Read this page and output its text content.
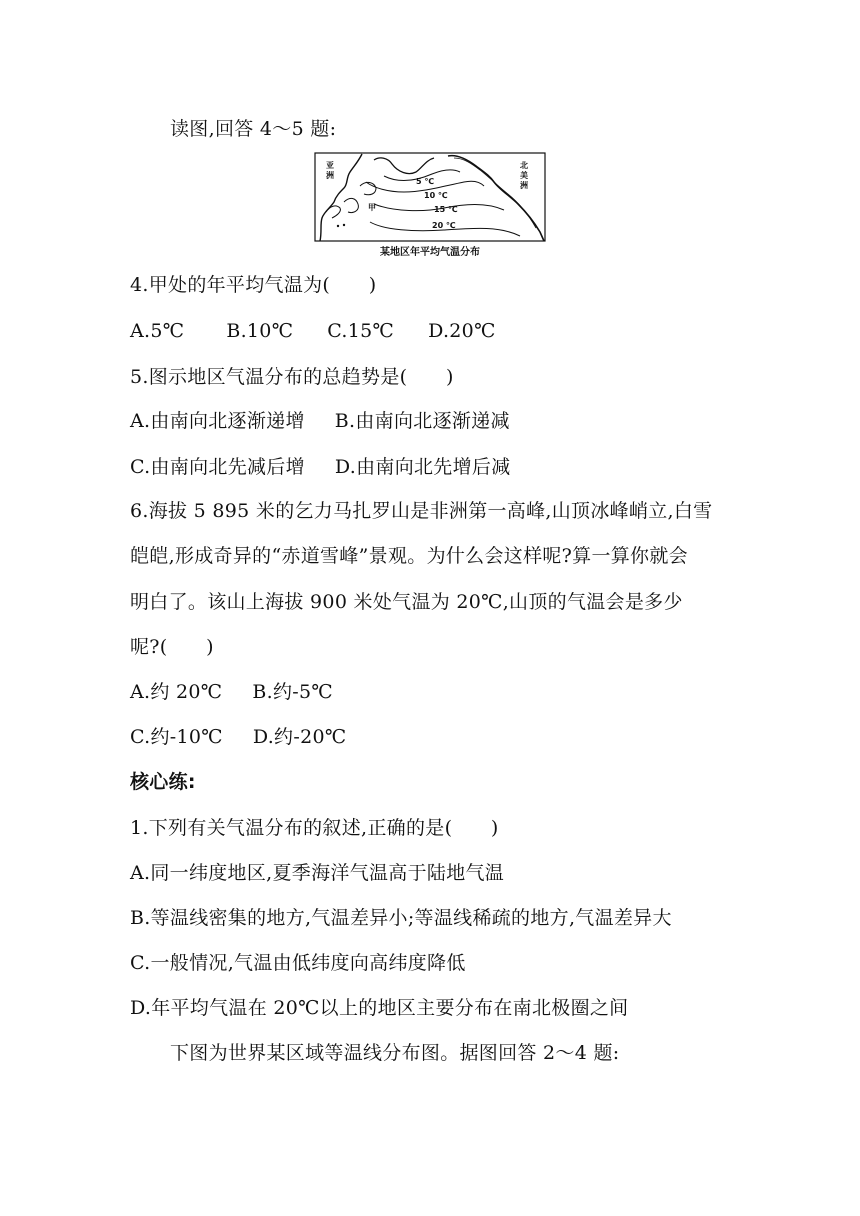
读图,回答 4～5 题:
亚
洲
北
美
洲
5 ℃
10 ℃
15 ℃
20 ℃
甲
某地区年平均气温分布
4.甲处的年平均气温为(　　)
A.5℃ B.10℃ C.15℃ D.20℃
5.图示地区气温分布的总趋势是(　　)
A.由南向北逐渐递增 B.由南向北逐渐递减
C.由南向北先减后增 D.由南向北先增后减
6.海拔 5 895 米的乞力马扎罗山是非洲第一高峰,山顶冰峰峭立,白雪
皑皑,形成奇异的“赤道雪峰”景观。为什么会这样呢?算一算你就会
明白了。该山上海拔 900 米处气温为 20℃,山顶的气温会是多少
呢?(　　)
A.约 20℃ B.约-5℃
C.约-10℃ D.约-20℃
核心练:
1.下列有关气温分布的叙述,正确的是(　　)
A.同一纬度地区,夏季海洋气温高于陆地气温
B.等温线密集的地方,气温差异小;等温线稀疏的地方,气温差异大
C.一般情况,气温由低纬度向高纬度降低
D.年平均气温在 20℃以上的地区主要分布在南北极圈之间
下图为世界某区域等温线分布图。据图回答 2～4 题:
